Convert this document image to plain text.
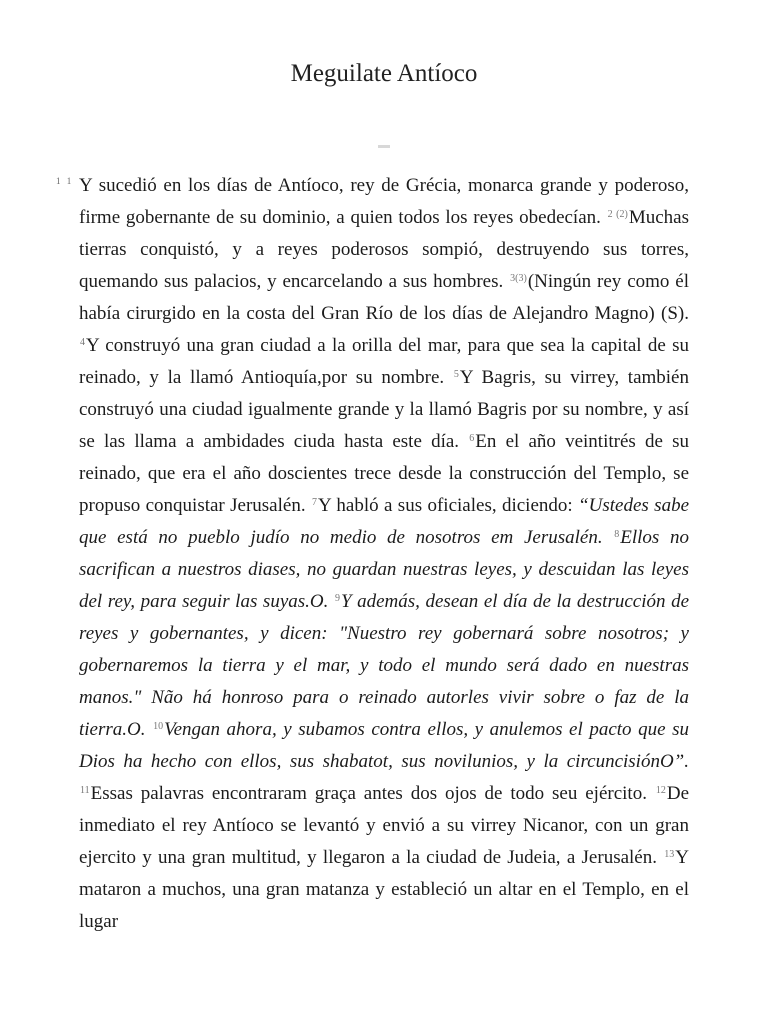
Meguilate Antíoco
1 1 Y sucedió en los días de Antíoco, rey de Grécia, monarca grande y poderoso, firme gobernante de su dominio, a quien todos los reyes obedecían. $^{2 (2)}$Muchas tierras conquistó, y a reyes poderosos sompió, destruyendo sus torres, quemando sus palacios, y encarcelando a sus hombres. $^{3(3)}$(Ningún rey como él había cirurgido en la costa del Gran Río de los días de Alejandro Magno) (S). $^4$Y construyó una gran ciudad a la orilla del mar, para que sea la capital de su reinado, y la llamó Antioquía,por su nombre. $^5$Y Bagris, su virrey, también construyó una ciudad igualmente grande y la llamó Bagris por su nombre, y así se las llama a ambidades ciuda hasta este día. $^6$En el año veintitrés de su reinado, que era el año doscientes trece desde la construcción del Templo, se propuso conquistar Jerusalén. $^7$Y habló a sus oficiales, diciendo: “Ustedes sabe que está no pueblo judío no medio de nosotros em Jerusalén. $^8$Ellos no sacrifican a nuestros diases, no guardan nuestras leyes, y descuidan las leyes del rey, para seguir las suyas.O. $^9$Y además, desean el día de la destrucción de reyes y gobernantes, y dicen: "Nuestro rey gobernará sobre nosotros; y gobernaremos la tierra y el mar, y todo el mundo será dado en nuestras manos." Não há honroso para o reinado autorles vivir sobre o faz de la tierra.O. $^{10}$Vengan ahora, y subamos contra ellos, y anulemos el pacto que su Dios ha hecho con ellos, sus shabatot, sus novilunios, y la circuncisiónO”. $^{11}$Essas palavras encontraram graça antes dos ojos de todo seu ejército. $^{12}$De inmediato el rey Antíoco se levantó y envió a su virrey Nicanor, con un gran ejercito y una gran multitud, y llegaron a la ciudad de Judeia, a Jerusalén. $^{13}$Y mataron a muchos, una gran matanza y estableció un altar en el Templo, en el lugar
